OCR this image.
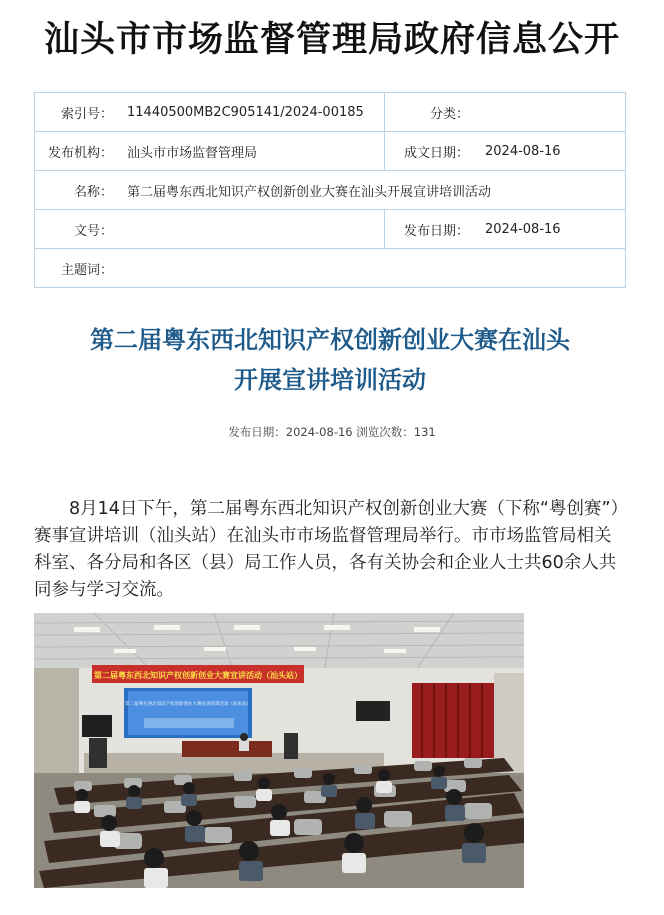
汕头市市场监督管理局政府信息公开
索引号：	11440500MB2C905141/2024-00185	分类：	
发布机构：	汕头市市场监督管理局	成文日期：	2024-08-16
名称：	第二届粤东西北知识产权创新创业大赛在汕头开展宣讲培训活动		
文号：		发布日期：	2024-08-16
主题词：			
第二届粤东西北知识产权创新创业大赛在汕头
开展宣讲培训活动
发布日期：2024-08-16 浏览次数：131

8月14日下午，第二届粤东西北知识产权创新创业大赛（下称“粤创赛”）赛事宣讲培训（汕头站）在汕头市市场监督管理局举行。市市场监管局相关科室、各分局和各区（县）局工作人员，各有关协会和企业人士共60余人共同参与学习交流。

第二届粤东西北知识产权创新创业大赛宣讲活动（汕头站）
第二届粤东西北知识产权创新创业大赛宣讲培训活动（汕头站）
